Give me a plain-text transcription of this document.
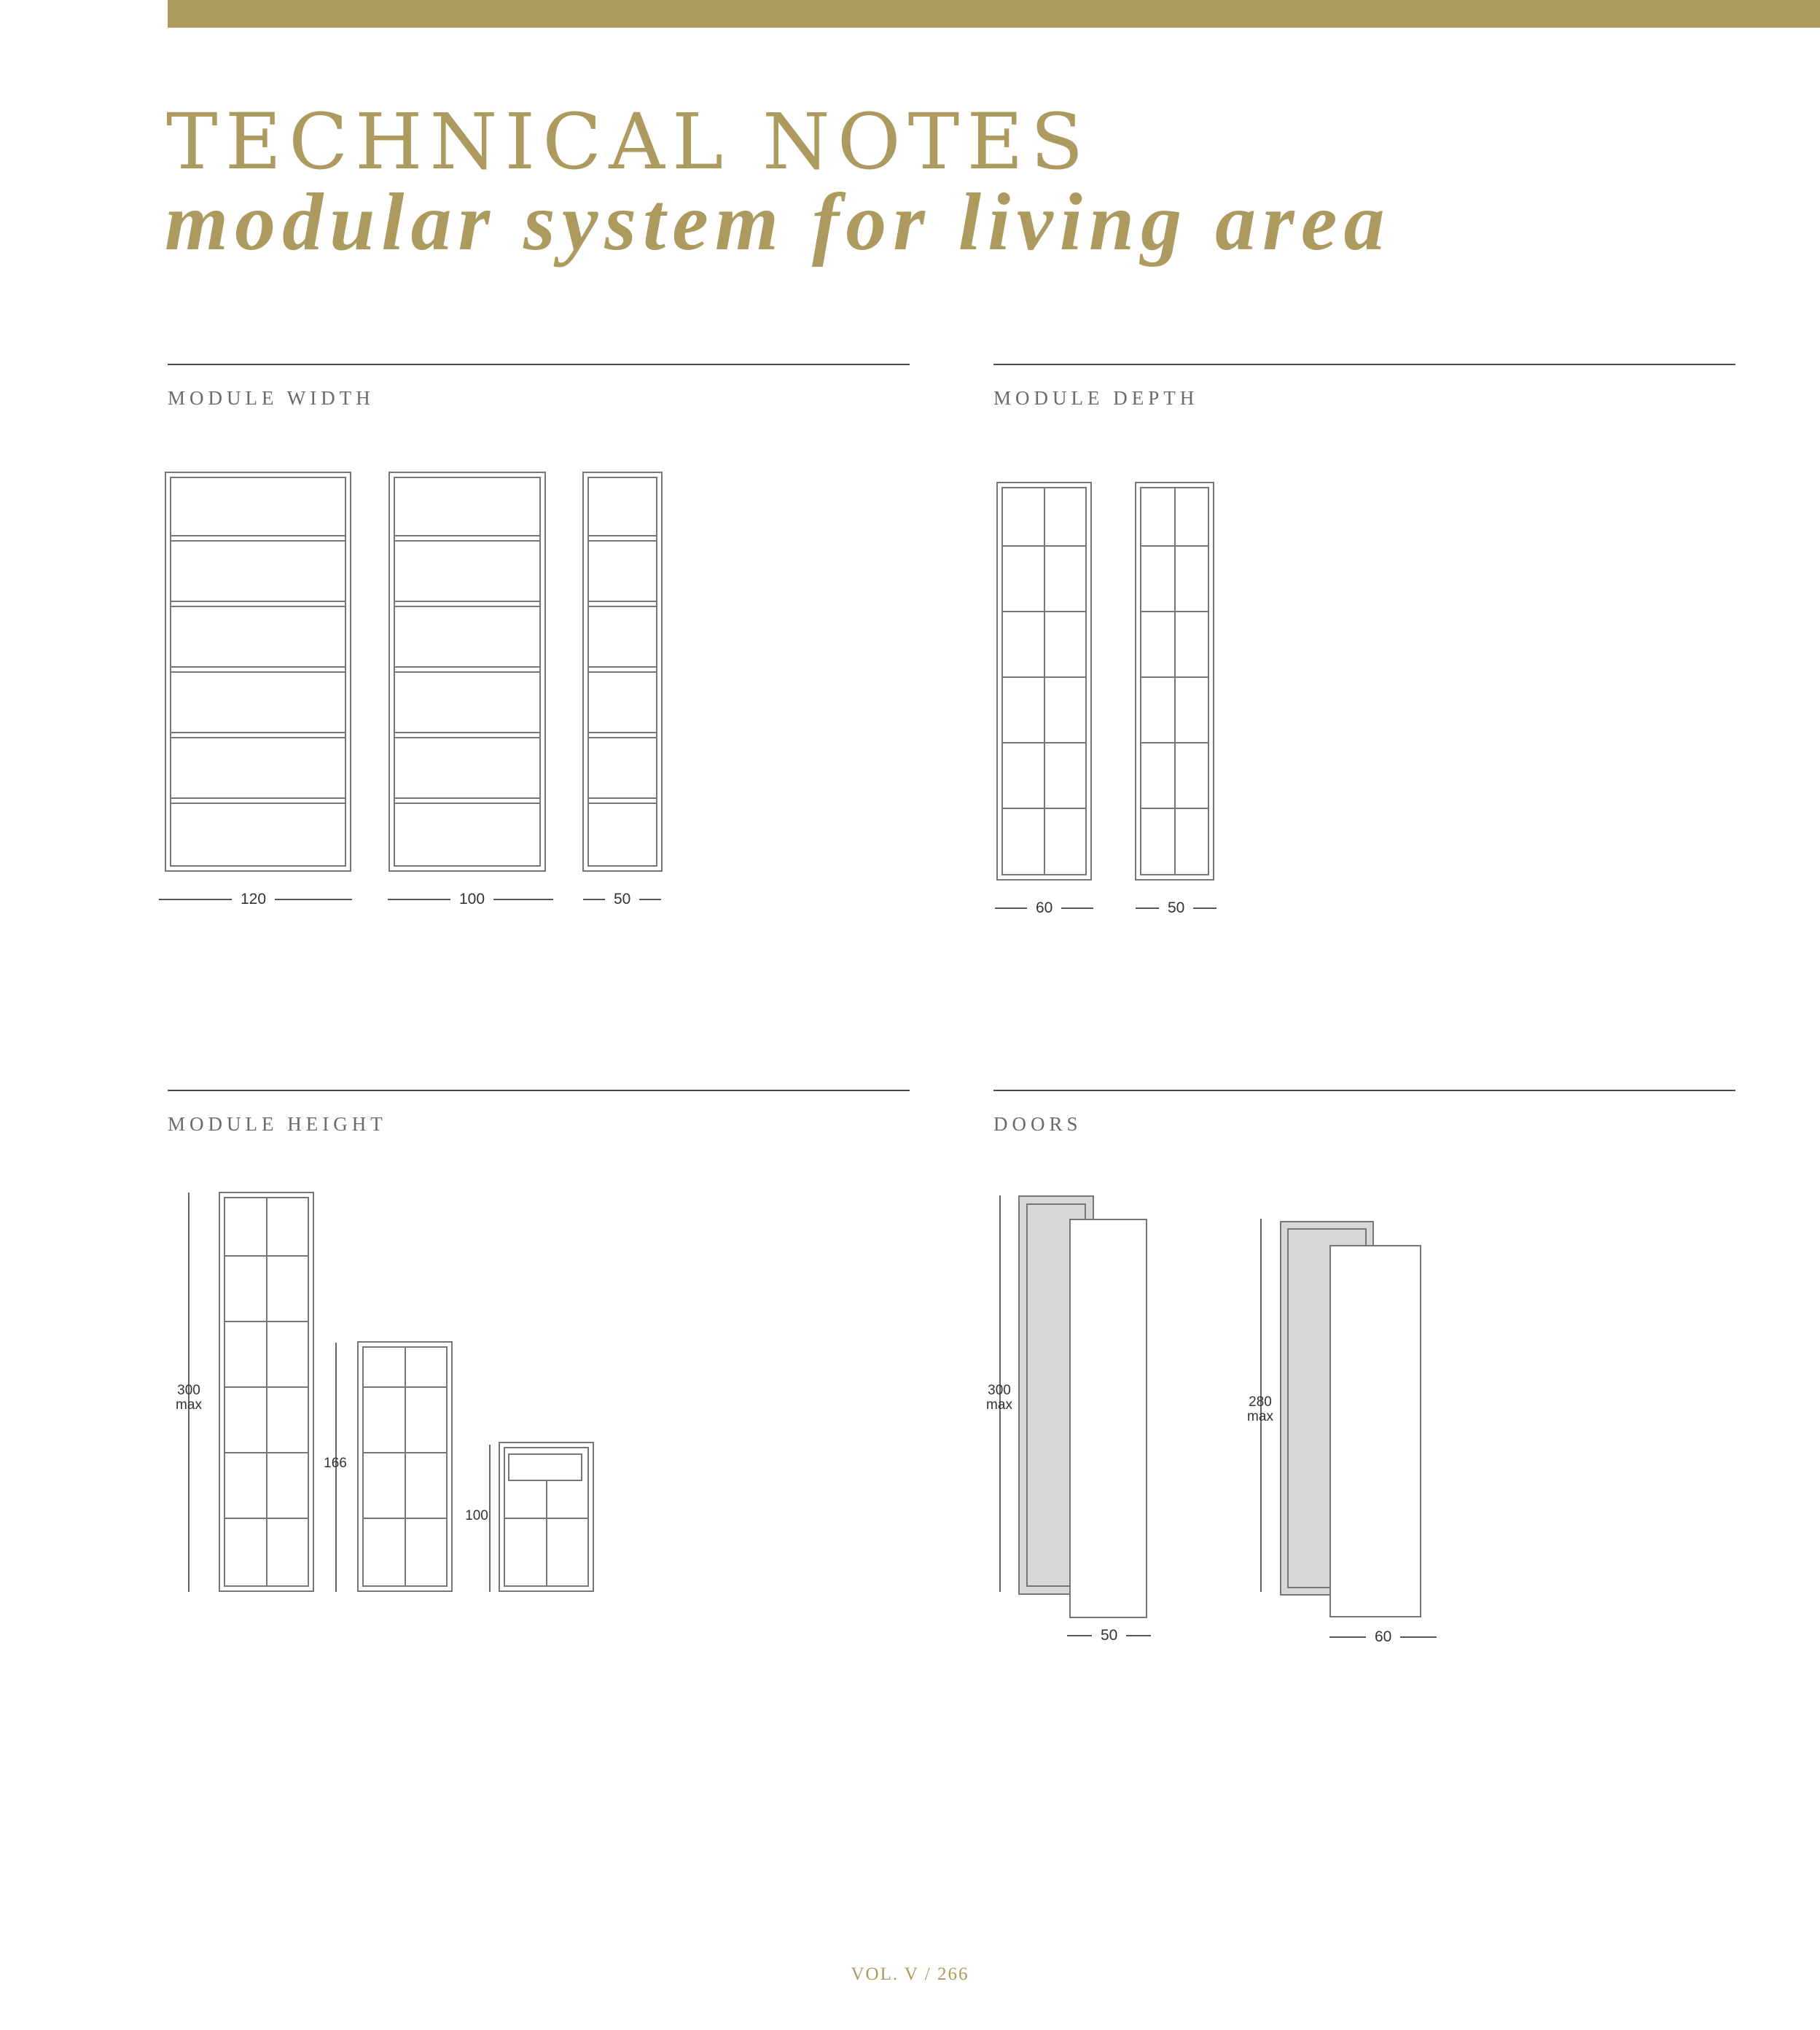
TECHNICAL NOTES
modular system for living area
MODULE WIDTH
120	100	50
MODULE DEPTH
60	50
MODULE HEIGHT
300
max
166
100
DOORS
300
max	280
max
50	60
VOL. V / 266
